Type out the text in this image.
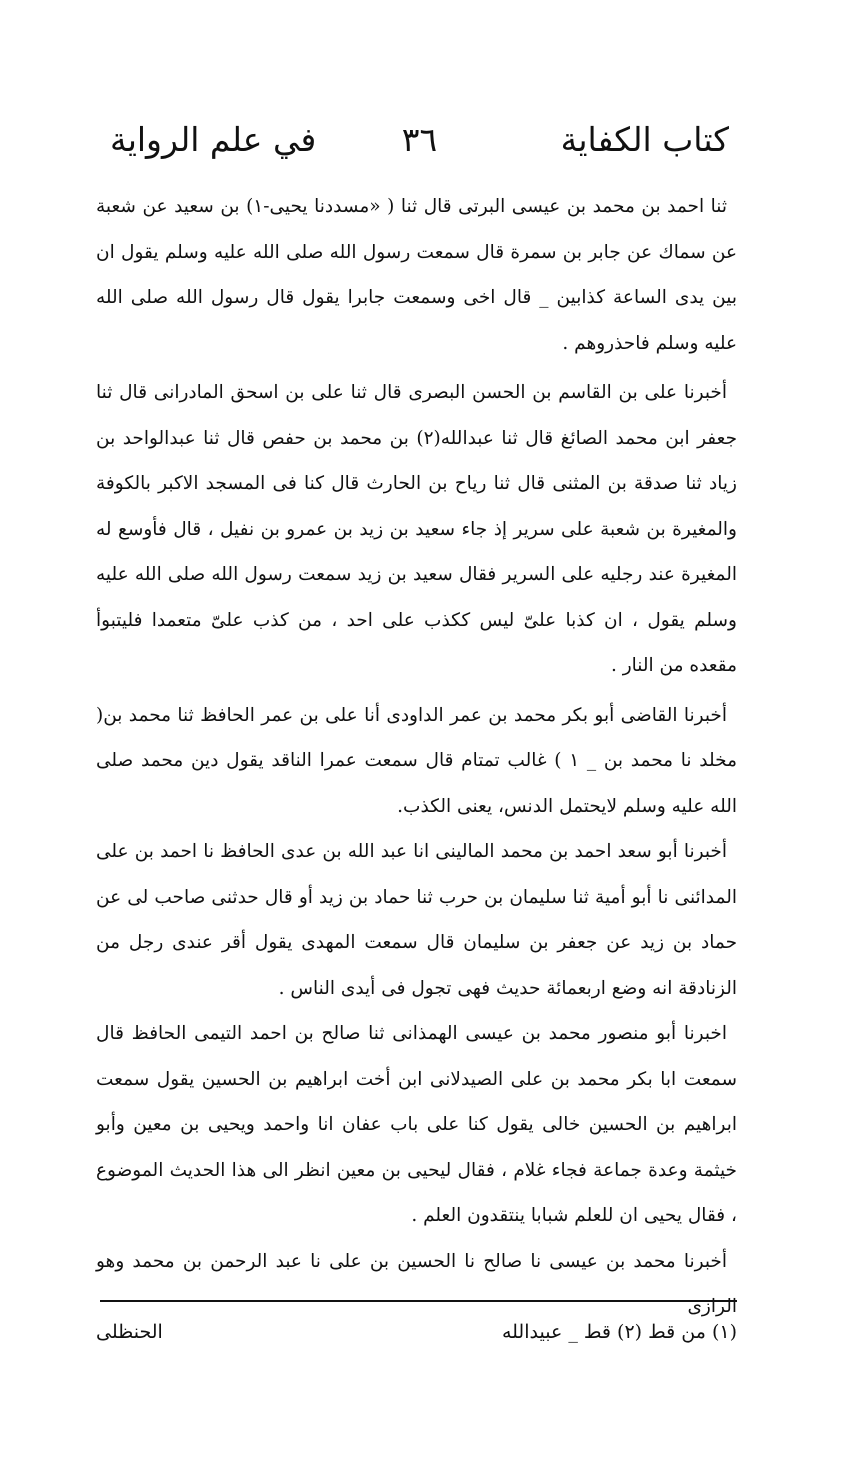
كتاب الكفاية
٣٦
في علم الرواية

ثنا احمد بن محمد بن عيسى البرتى قال ثنا ( «مسددنا يحيى-١) بن سعيد عن شعبة عن سماك عن جابر بن سمرة قال سمعت رسول الله صلى الله عليه وسلم يقول ان بين يدى الساعة كذابين _ قال اخى وسمعت جابرا يقول قال رسول الله صلى الله عليه وسلم فاحذروهم .

أخبرنا على بن القاسم بن الحسن البصرى قال ثنا على بن اسحق المادرانى قال ثنا جعفر ابن محمد الصائغ قال ثنا عبدالله(٢) بن محمد بن حفص قال ثنا عبدالواحد بن زياد ثنا صدقة بن المثنى قال ثنا رياح بن الحارث قال كنا فى المسجد الاكبر بالكوفة والمغيرة بن شعبة على سرير إذ جاء سعيد بن زيد بن عمرو بن نفيل ، قال فأوسع له المغيرة عند رجليه على السرير فقال سعيد بن زيد سمعت رسول الله صلى الله عليه وسلم يقول ، ان كذبا علىّ ليس ككذب على احد ، من كذب علىّ متعمدا فليتبوأ مقعده من النار .

أخبرنا القاضى أبو بكر محمد بن عمر الداودى أنا على بن عمر الحافظ ثنا محمد بن( مخلد نا محمد بن _ ١ ) غالب تمتام قال سمعت عمرا الناقد يقول دين محمد صلى الله عليه وسلم لايحتمل الدنس، يعنى الكذب.

أخبرنا أبو سعد احمد بن محمد المالينى انا عبد الله بن عدى الحافظ نا احمد بن على المدائنى نا أبو أمية ثنا سليمان بن حرب ثنا حماد بن زيد أو قال حدثنى صاحب لى عن حماد بن زيد عن جعفر بن سليمان قال سمعت المهدى يقول أقر عندى رجل من الزنادقة انه وضع اربعمائة حديث فهى تجول فى أيدى الناس .

اخبرنا أبو منصور محمد بن عيسى الهمذانى ثنا صالح بن احمد التيمى الحافظ قال سمعت ابا بكر محمد بن على الصيدلانى ابن أخت ابراهيم بن الحسين يقول سمعت ابراهيم بن الحسين خالى يقول كنا على باب عفان انا واحمد ويحيى بن معين وأبو خيثمة وعدة جماعة فجاء غلام ، فقال ليحيى بن معين انظر الى هذا الحديث الموضوع ، فقال يحيى ان للعلم شبابا ينتقدون العلم .

أخبرنا محمد بن عيسى نا صالح نا الحسين بن على نا عبد الرحمن بن محمد وهو الرازى

(١) من قط (٢) قط _ عبيدالله
الحنظلى
